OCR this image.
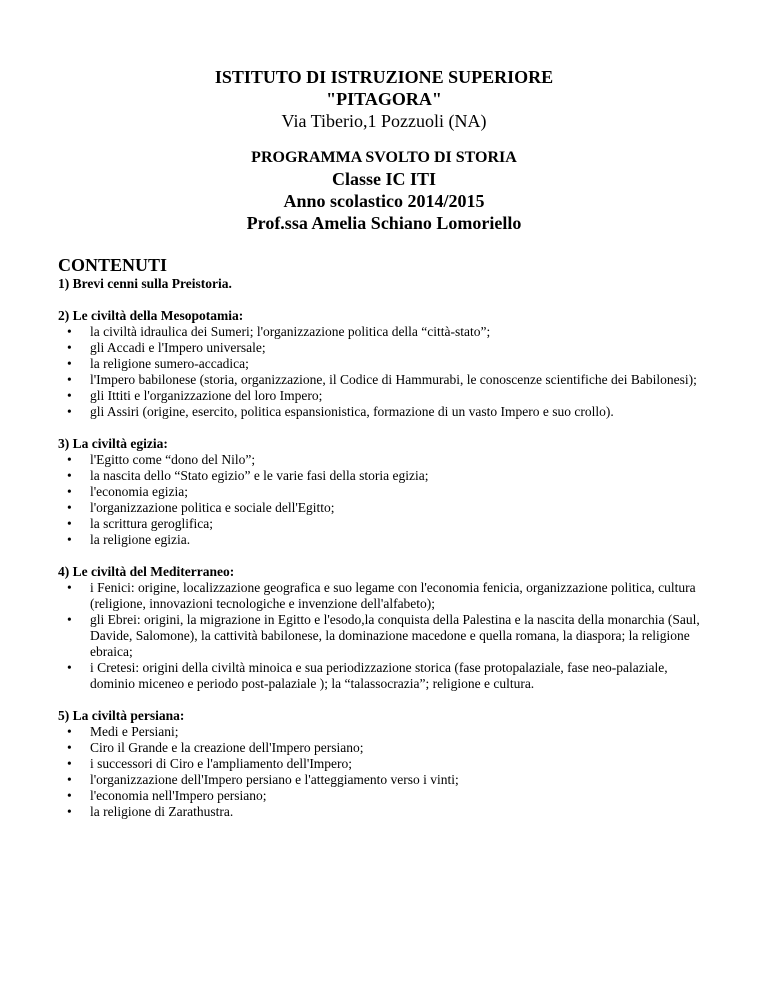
ISTITUTO DI ISTRUZIONE SUPERIORE
"PITAGORA"
Via Tiberio,1 Pozzuoli (NA)
PROGRAMMA SVOLTO DI STORIA
Classe IC ITI
Anno scolastico 2014/2015
Prof.ssa Amelia Schiano Lomoriello
CONTENUTI
1) Brevi cenni sulla Preistoria.
2) Le civiltà della Mesopotamia:
• la civiltà idraulica dei Sumeri; l'organizzazione politica della “città-stato”;
• gli Accadi e l'Impero universale;
• la religione sumero-accadica;
• l'Impero babilonese (storia, organizzazione, il Codice di Hammurabi, le conoscenze scientifiche dei Babilonesi);
• gli Ittiti e l'organizzazione del loro Impero;
• gli Assiri (origine, esercito, politica espansionistica, formazione di un vasto Impero e suo crollo).
3) La civiltà egizia:
• l'Egitto come “dono del Nilo”;
• la nascita dello “Stato egizio” e le varie fasi della storia egizia;
• l'economia egizia;
• l'organizzazione politica e sociale dell'Egitto;
• la scrittura geroglifica;
• la religione egizia.
4) Le civiltà del Mediterraneo:
• i Fenici: origine, localizzazione geografica e suo legame con l'economia fenicia, organizzazione politica, cultura (religione, innovazioni tecnologiche e invenzione dell'alfabeto);
• gli Ebrei: origini, la migrazione in Egitto e l'esodo,la conquista della Palestina e la nascita della monarchia (Saul, Davide, Salomone), la cattività babilonese, la dominazione macedone e quella romana, la diaspora; la religione ebraica;
• i Cretesi: origini della civiltà minoica e sua periodizzazione storica (fase protopalaziale, fase neo-palaziale, dominio miceneo e periodo post-palaziale ); la “talassocrazia”; religione e cultura.
5) La civiltà persiana:
• Medi e Persiani;
• Ciro il Grande e la creazione dell'Impero persiano;
• i successori di Ciro e l'ampliamento dell'Impero;
• l'organizzazione dell'Impero persiano e l'atteggiamento verso i vinti;
• l'economia nell'Impero persiano;
• la religione di Zarathustra.
